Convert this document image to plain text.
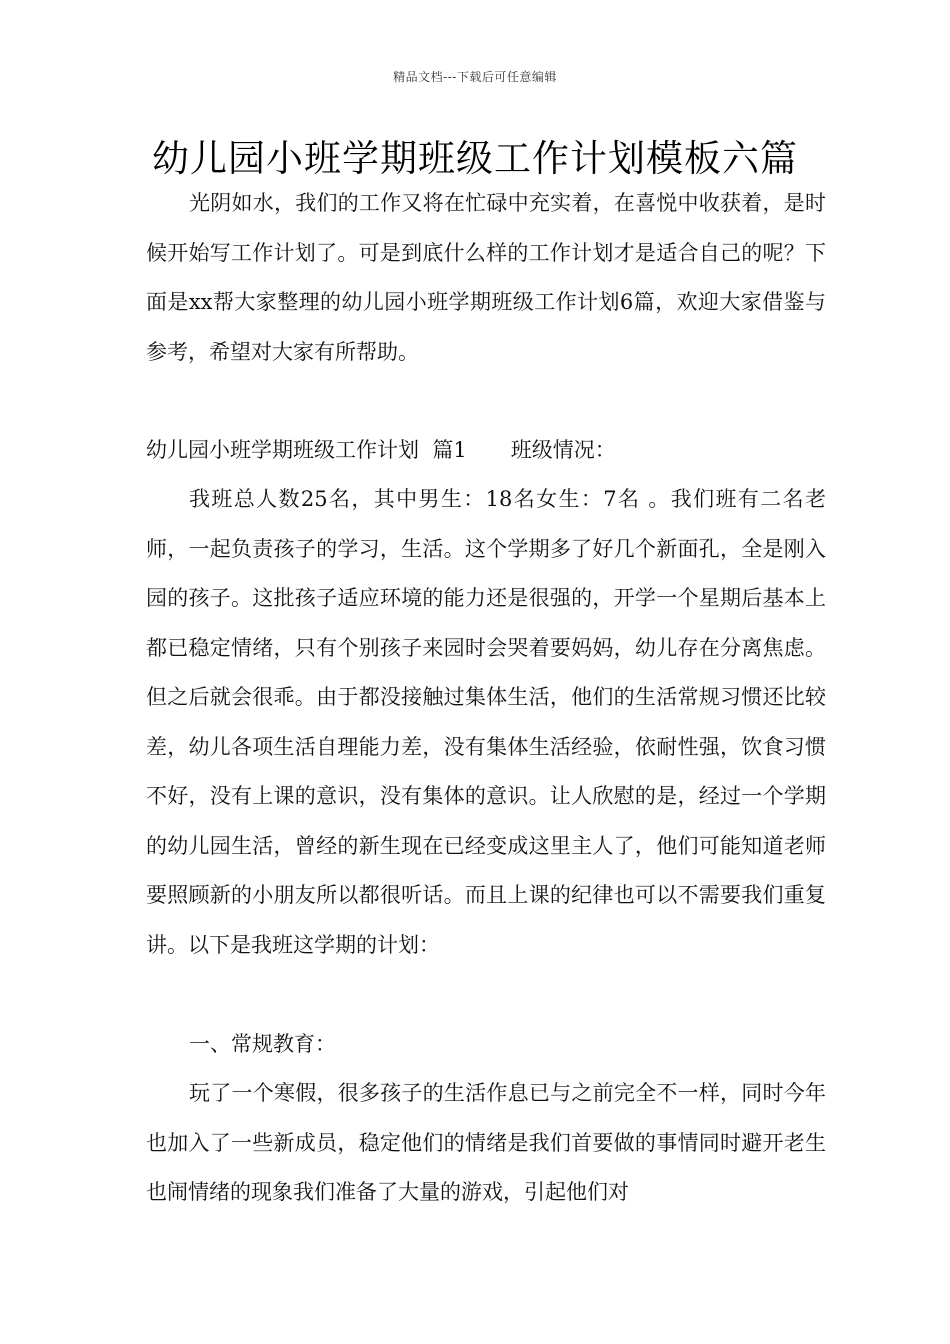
精品文档---下载后可任意编辑
幼儿园小班学期班级工作计划模板六篇

光阴如水，我们的工作又将在忙碌中充实着，在喜悦中收获着，是时候开始写工作计划了。可是到底什么样的工作计划才是适合自己的呢？下面是xx帮大家整理的幼儿园小班学期班级工作计划6篇，欢迎大家借鉴与参考，希望对大家有所帮助。

幼儿园小班学期班级工作计划  篇1 班级情况：

我班总人数25名，其中男生：18名女生：7名 。我们班有二名老师，一起负责孩子的学习，生活。这个学期多了好几个新面孔，全是刚入园的孩子。这批孩子适应环境的能力还是很强的，开学一个星期后基本上都已稳定情绪，只有个别孩子来园时会哭着要妈妈，幼儿存在分离焦虑。但之后就会很乖。由于都没接触过集体生活，他们的生活常规习惯还比较差，幼儿各项生活自理能力差，没有集体生活经验，依耐性强，饮食习惯不好，没有上课的意识，没有集体的意识。让人欣慰的是，经过一个学期的幼儿园生活，曾经的新生现在已经变成这里主人了，他们可能知道老师要照顾新的小朋友所以都很听话。而且上课的纪律也可以不需要我们重复讲。以下是我班这学期的计划：

一、常规教育：

玩了一个寒假，很多孩子的生活作息已与之前完全不一样，同时今年也加入了一些新成员，稳定他们的情绪是我们首要做的事情同时避开老生也闹情绪的现象我们准备了大量的游戏，引起他们对
